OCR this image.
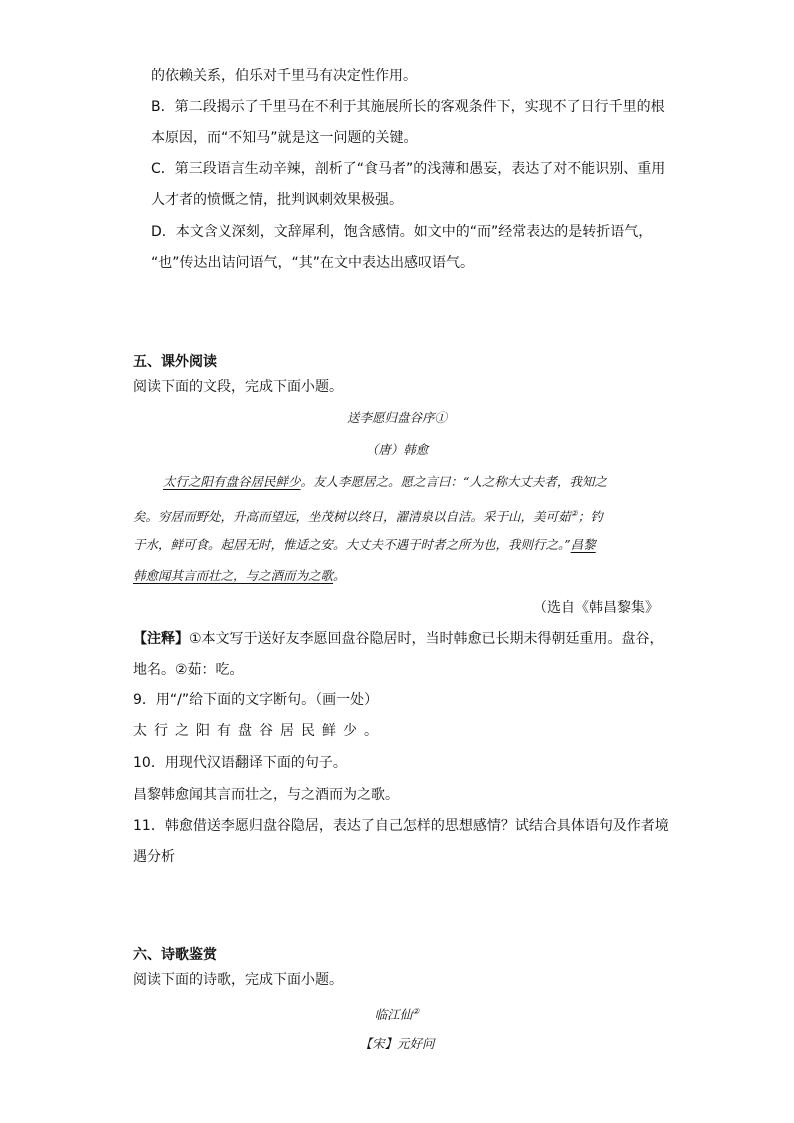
的依赖关系，伯乐对千里马有决定性作用。
B．第二段揭示了千里马在不利于其施展所长的客观条件下，实现不了日行千里的根
本原因，而“不知马”就是这一问题的关键。
C．第三段语言生动辛辣，剖析了“食马者”的浅薄和愚妄，表达了对不能识别、重用
人才者的愤慨之情，批判讽刺效果极强。
D．本文含义深刻，文辞犀利，饱含感情。如文中的“而”经常表达的是转折语气，
“也”传达出诘问语气，“其”在文中表达出感叹语气。
五、课外阅读
阅读下面的文段，完成下面小题。
送李愿归盘谷序①
（唐）韩愈
太行之阳有盘谷居民鲜少。友人李愿居之。愿之言曰：“人之称大丈夫者，我知之
矣。穷居而野处，升高而望远，坐茂树以终日，濯清泉以自洁。采于山，美可茹②；钓
于水，鲜可食。起居无时，惟适之安。大丈夫不遇于时者之所为也，我则行之。”昌黎
韩愈闻其言而壮之，与之酒而为之歌。
（选自《韩昌黎集》
【注释】①本文写于送好友李愿回盘谷隐居时，当时韩愈已长期未得朝廷重用。盘谷，
地名。②茹：吃。
9．用“/”给下面的文字断句。（画一处）
太行之阳有盘谷居民鲜少。
10．用现代汉语翻译下面的句子。
昌黎韩愈闻其言而壮之，与之酒而为之歌。
11．韩愈借送李愿归盘谷隐居，表达了自己怎样的思想感情？试结合具体语句及作者境
遇分析
六、诗歌鉴赏
阅读下面的诗歌，完成下面小题。
临江仙②
【宋】元好问
